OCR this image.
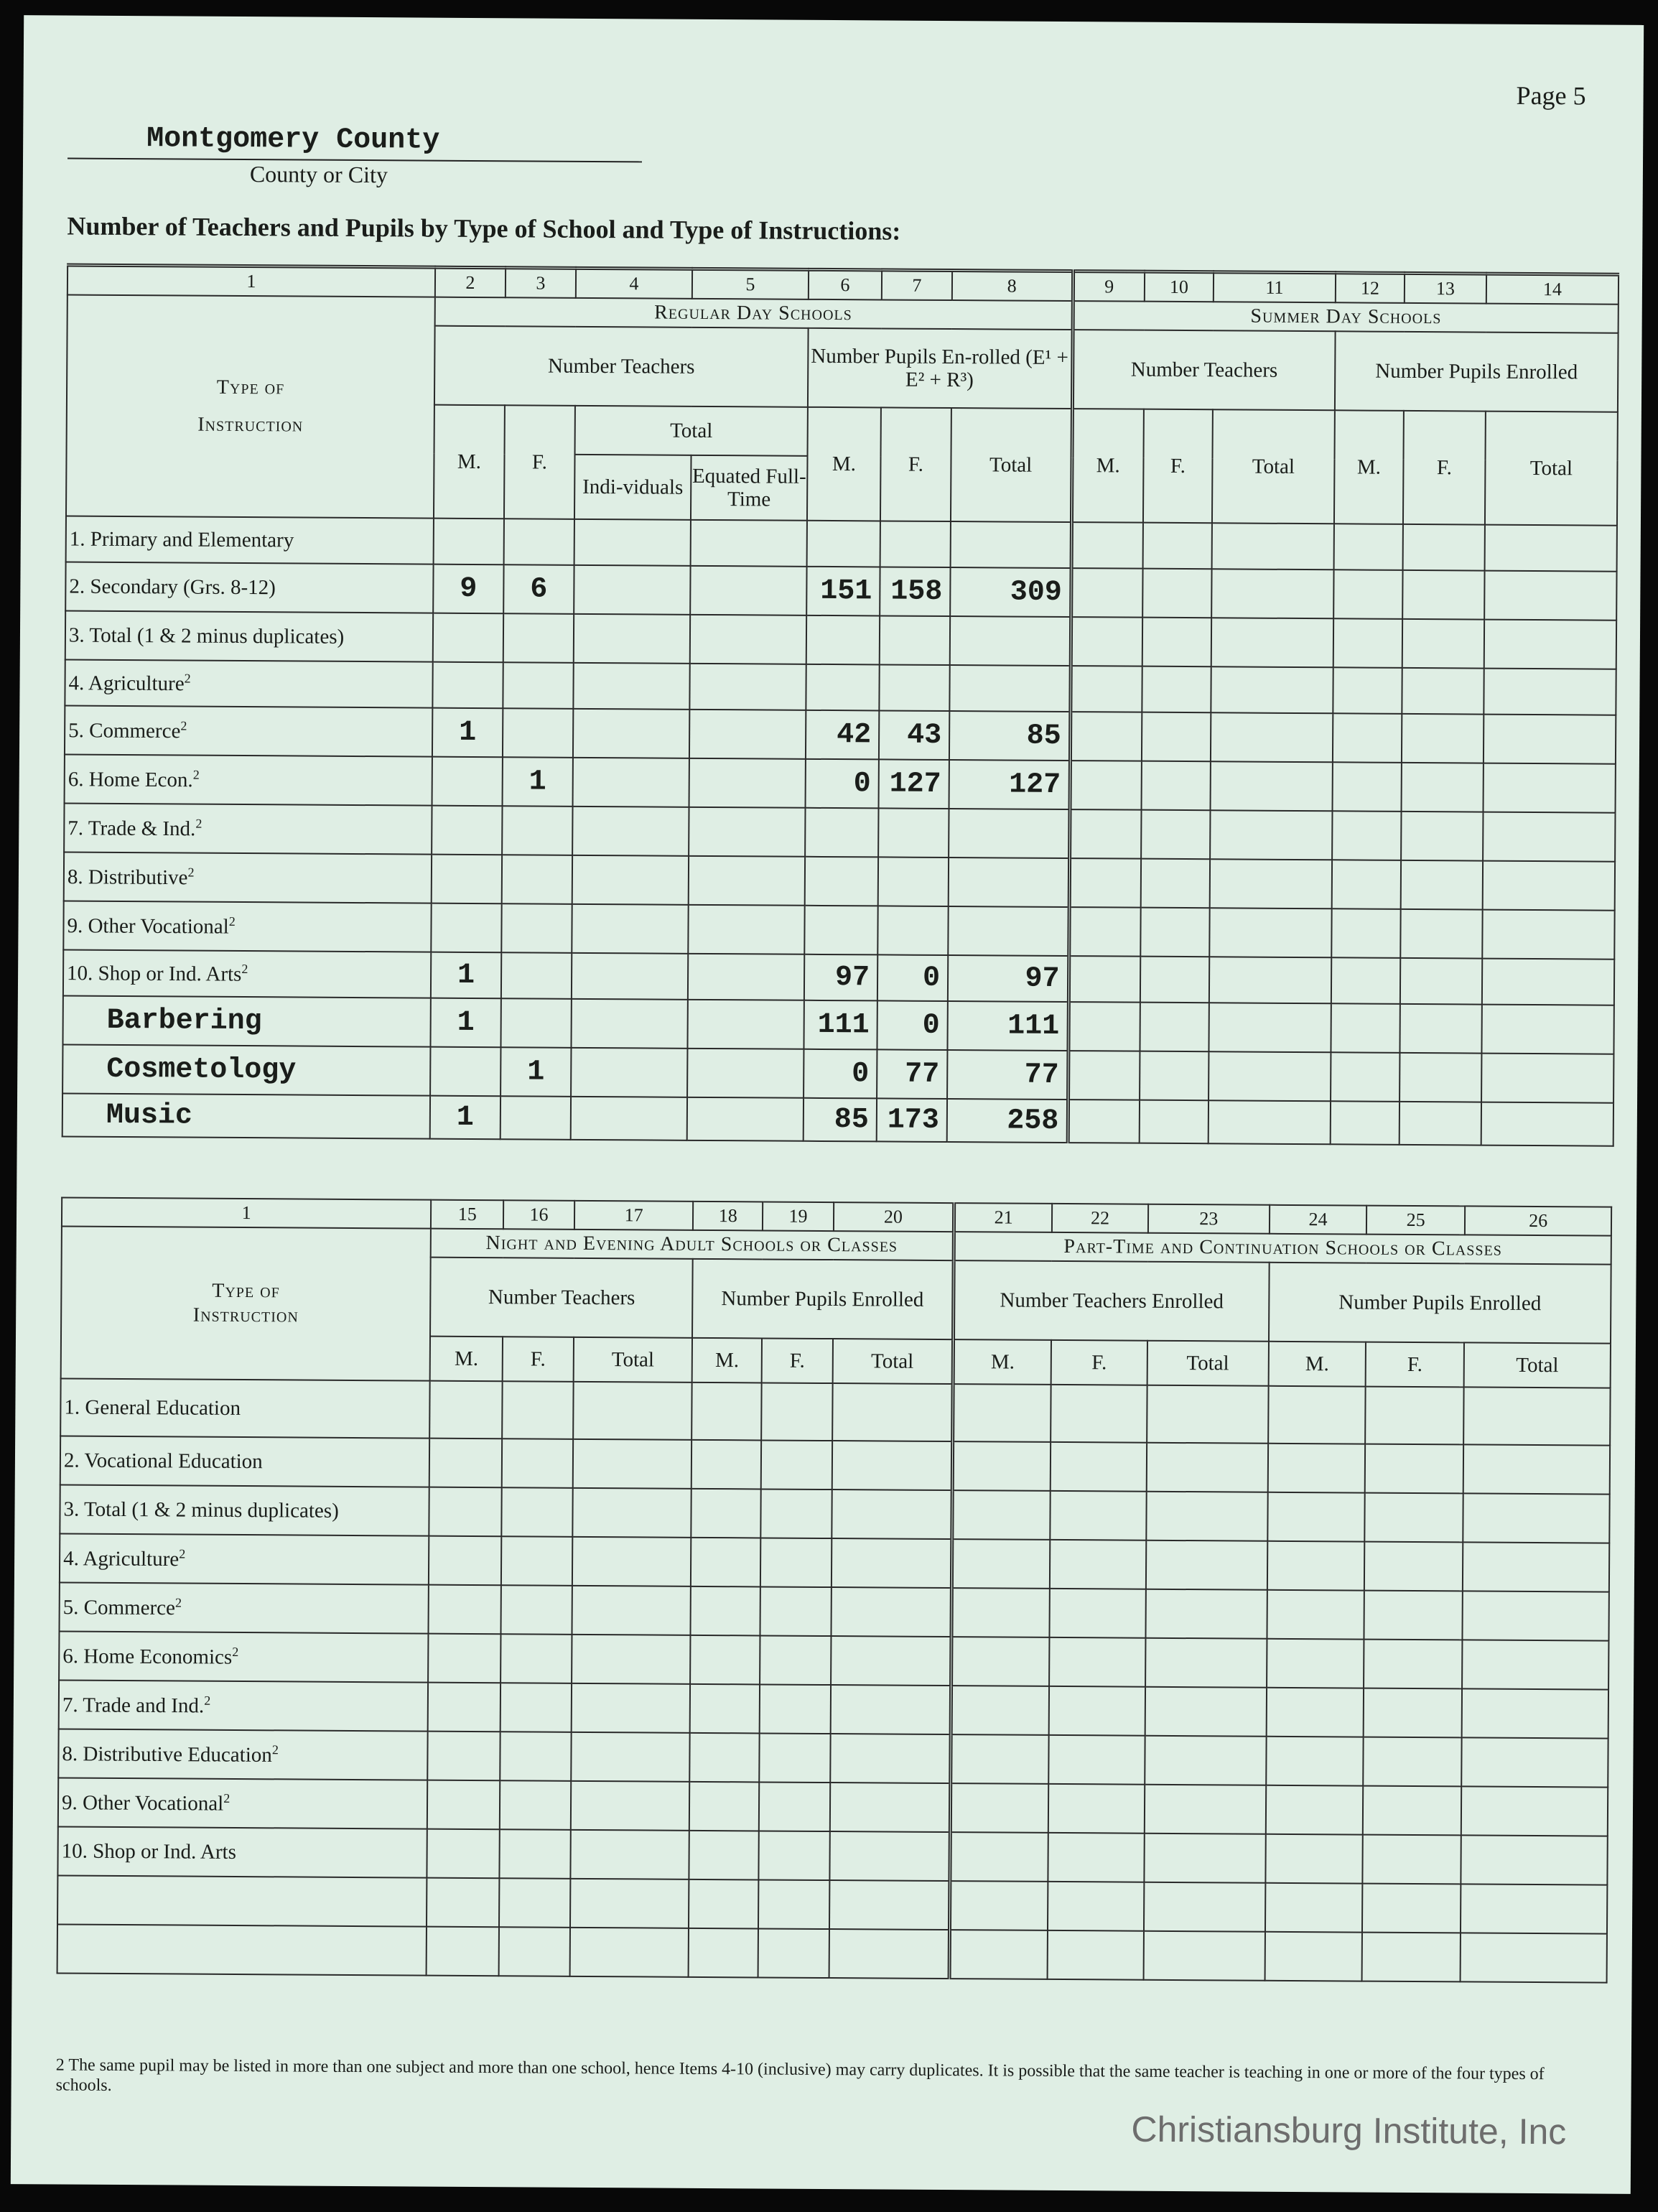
Page 5
Montgomery County
County or City
Number of Teachers and Pupils by Type of School and Type of Instructions:
1	2	3	4	5	6	7	8	9	10	11	12	13	14
Type of
Instruction	Regular Day Schools							Summer Day Schools					
	Number Teachers				Number Pupils En-rolled (E¹ + E² + R³)			Number Teachers			Number Pupils Enrolled		
	M.	F.	Total		M.	F.	Total	M.	F.	Total	M.	F.	Total
			Indi-viduals	Equated Full-Time									
1. Primary and Elementary													
2. Secondary (Grs. 8-12)	9	6			151	158	309						
3. Total (1 & 2 minus duplicates)													
4. Agriculture$^2$													
5. Commerce$^2$	1				42	43	85						
6. Home Econ.$^2$		1			0	127	127						
7. Trade & Ind.$^2$													
8. Distributive$^2$													
9. Other Vocational$^2$													
10. Shop or Ind. Arts$^2$	1				97	0	97						
Barbering	1				111	0	111						
Cosmetology		1			0	77	77						
Music	1				85	173	258						
1	15	16	17	18	19	20	21	22	23	24	25	26
Type of
Instruction	Night and Evening Adult Schools or Classes						Part-Time and Continuation Schools or Classes					
	Number Teachers			Number Pupils Enrolled			Number Teachers Enrolled			Number Pupils Enrolled		
	M.	F.	Total	M.	F.	Total	M.	F.	Total	M.	F.	Total
1. General Education												
2. Vocational Education												
3. Total (1 & 2 minus duplicates)												
4. Agriculture$^2$												
5. Commerce$^2$												
6. Home Economics$^2$												
7. Trade and Ind.$^2$												
8. Distributive Education$^2$												
9. Other Vocational$^2$												
10. Shop or Ind. Arts												

2 The same pupil may be listed in more than one subject and more than one school, hence Items 4-10 (inclusive) may carry duplicates. It is possible that the same teacher is teaching in one or more of the four types of schools.
Christiansburg Institute, Inc
